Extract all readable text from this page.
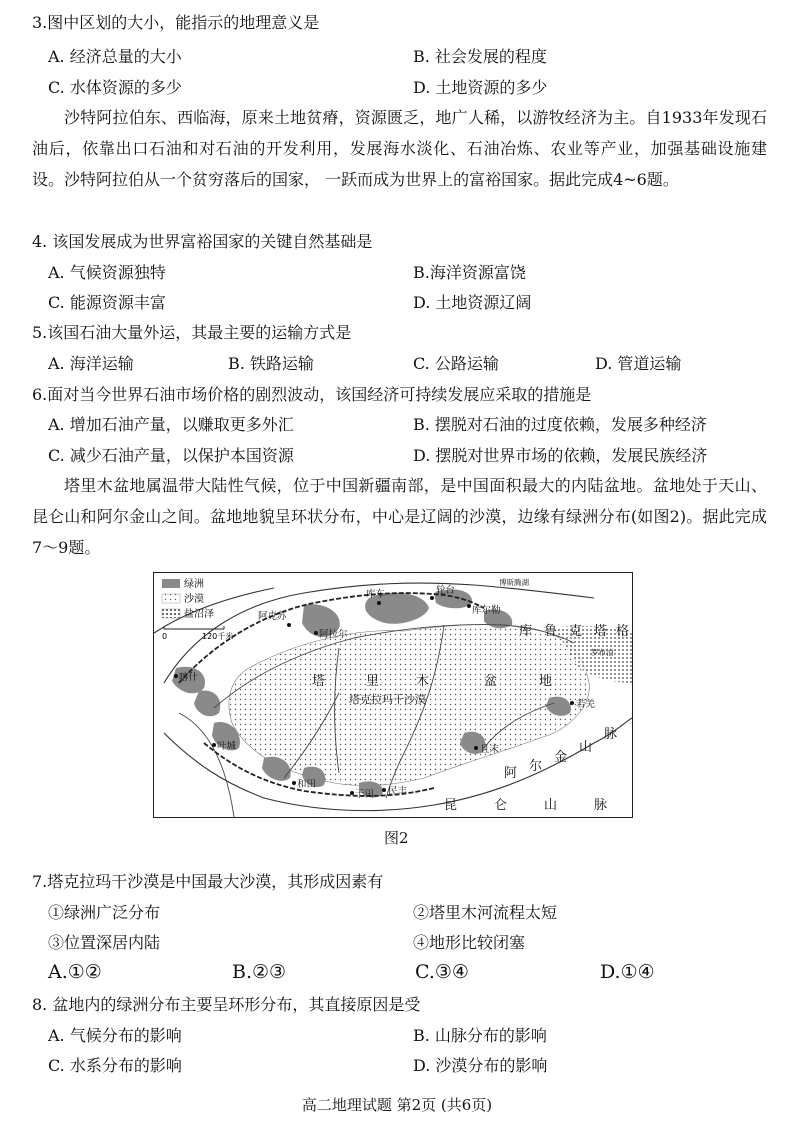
3.图中区划的大小，能指示的地理意义是
A. 经济总量的大小	B. 社会发展的程度
C. 水体资源的多少	D. 土地资源的多少
沙特阿拉伯东、西临海，原来土地贫瘠，资源匮乏，地广人稀，以游牧经济为主。自1933年发现石油后，依靠出口石油和对石油的开发利用，发展海水淡化、石油冶炼、农业等产业，加强基础设施建设。沙特阿拉伯从一个贫穷落后的国家， 一跃而成为世界上的富裕国家。据此完成4~6题。
4. 该国发展成为世界富裕国家的关键自然基础是
A. 气候资源独特	B.海洋资源富饶
C. 能源资源丰富	D. 土地资源辽阔
5.该国石油大量外运，其最主要的运输方式是
A. 海洋运输	B. 铁路运输	C. 公路运输	D. 管道运输
6.面对当今世界石油市场价格的剧烈波动，该国经济可持续发展应采取的措施是
A. 增加石油产量，以赚取更多外汇	B. 摆脱对石油的过度依赖，发展多种经济
C. 减少石油产量，以保护本国资源	D. 摆脱对世界市场的依赖，发展民族经济
塔里木盆地属温带大陆性气候，位于中国新疆南部，是中国面积最大的内陆盆地。盆地处于天山、昆仑山和阿尔金山之间。盆地地貌呈环状分布，中心是辽阔的沙漠，边缘有绿洲分布(如图2)。据此完成7～9题。
绿洲
沙漠
盐沼泽
0	120千米
塔	里	木	盆	地
塔克拉玛干沙漠
库 鲁 克 塔 格
昆	仑	山	脉
阿 尔
金
山
脉
阿克苏
阿拉尔
库车	轮台
库尔勒
喀什
叶城
和田
于田 民丰
且末
若羌
罗布泊
博斯腾湖
图2
7.塔克拉玛干沙漠是中国最大沙漠，其形成因素有
①绿洲广泛分布	②塔里木河流程太短
③位置深居内陆	④地形比较闭塞
A.①②	B.②③	C.③④	D.①④
8. 盆地内的绿洲分布主要呈环形分布，其直接原因是受
A. 气候分布的影响	B. 山脉分布的影响
C. 水系分布的影响	D. 沙漠分布的影响
高二地理试题 第2页 (共6页)
